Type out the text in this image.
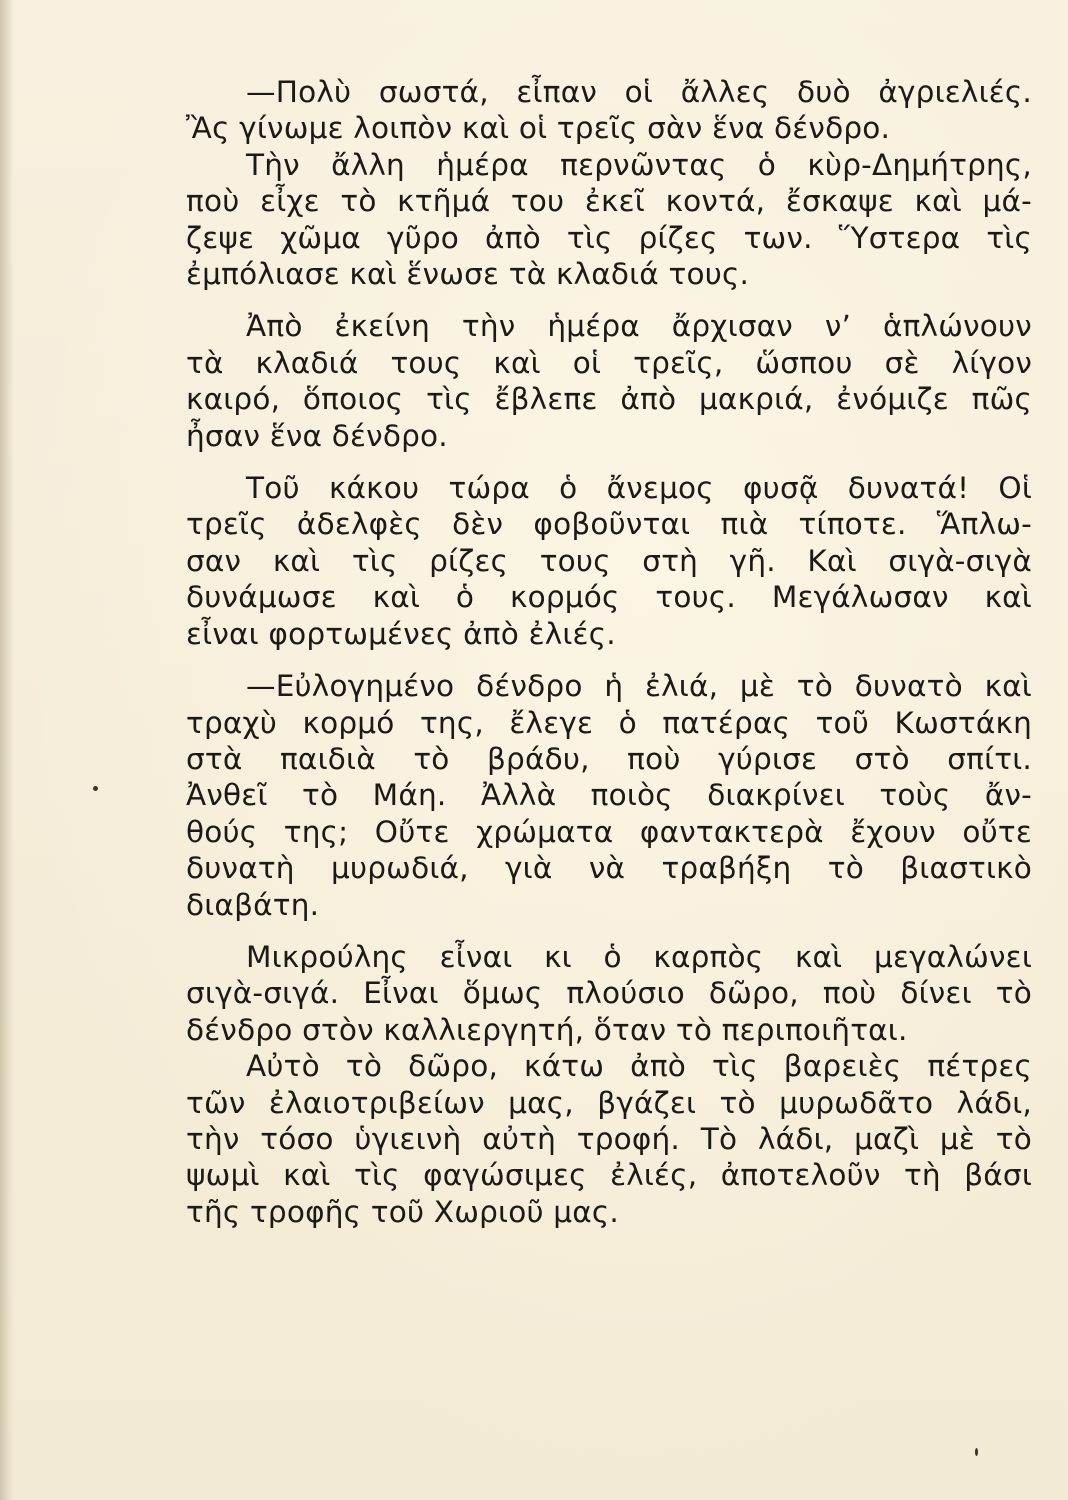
—Πολὺ σωστά, εἶπαν οἱ ἄλλες δυὸ ἀγριελιές.
Ἂς γίνωμε λοιπὸν καὶ οἱ τρεῖς σὰν ἕνα δένδρο.
Τὴν ἄλλη ἡμέρα περνῶντας ὁ κὺρ-Δημήτρης,
ποὺ εἶχε τὸ κτῆμά του ἐκεῖ κοντά, ἔσκαψε καὶ μά-
ζεψε χῶμα γῦρο ἀπὸ τὶς ρίζες των. Ὕστερα τὶς
ἐμπόλιασε καὶ ἕνωσε τὰ κλαδιά τους.
Ἀπὸ ἐκείνη τὴν ἡμέρα ἄρχισαν ν’ ἁπλώνουν
τὰ κλαδιά τους καὶ οἱ τρεῖς, ὥσπου σὲ λίγον
καιρό, ὅποιος τὶς ἔβλεπε ἀπὸ μακριά, ἐνόμιζε πῶς
ἦσαν ἕνα δένδρο.
Τοῦ κάκου τώρα ὁ ἄνεμος φυσᾷ δυνατά! Οἱ
τρεῖς ἀδελφὲς δὲν φοβοῦνται πιὰ τίποτε. Ἅπλω-
σαν καὶ τὶς ρίζες τους στὴ γῆ. Καὶ σιγὰ-σιγὰ
δυνάμωσε καὶ ὁ κορμός τους. Μεγάλωσαν καὶ
εἶναι φορτωμένες ἀπὸ ἐλιές.
—Εὐλογημένο δένδρο ἡ ἐλιά, μὲ τὸ δυνατὸ καὶ
τραχὺ κορμό της, ἔλεγε ὁ πατέρας τοῦ Κωστάκη
στὰ παιδιὰ τὸ βράδυ, ποὺ γύρισε στὸ σπίτι.
Ἀνθεῖ τὸ Μάη. Ἀλλὰ ποιὸς διακρίνει τοὺς ἄν-
θούς της; Οὔτε χρώματα φαντακτερὰ ἔχουν οὔτε
δυνατὴ μυρωδιά, γιὰ νὰ τραβήξη τὸ βιαστικὸ
διαβάτη.
Μικρούλης εἶναι κι ὁ καρπὸς καὶ μεγαλώνει
σιγὰ-σιγά. Εἶναι ὅμως πλούσιο δῶρο, ποὺ δίνει τὸ
δένδρο στὸν καλλιεργητή, ὅταν τὸ περιποιῆται.
Αὐτὸ τὸ δῶρο, κάτω ἀπὸ τὶς βαρειὲς πέτρες
τῶν ἐλαιοτριβείων μας, βγάζει τὸ μυρωδᾶτο λάδι,
τὴν τόσο ὑγιεινὴ αὐτὴ τροφή. Τὸ λάδι, μαζὶ μὲ τὸ
ψωμὶ καὶ τὶς φαγώσιμες ἐλιές, ἀποτελοῦν τὴ βάσι
τῆς τροφῆς τοῦ Χωριοῦ μας.
